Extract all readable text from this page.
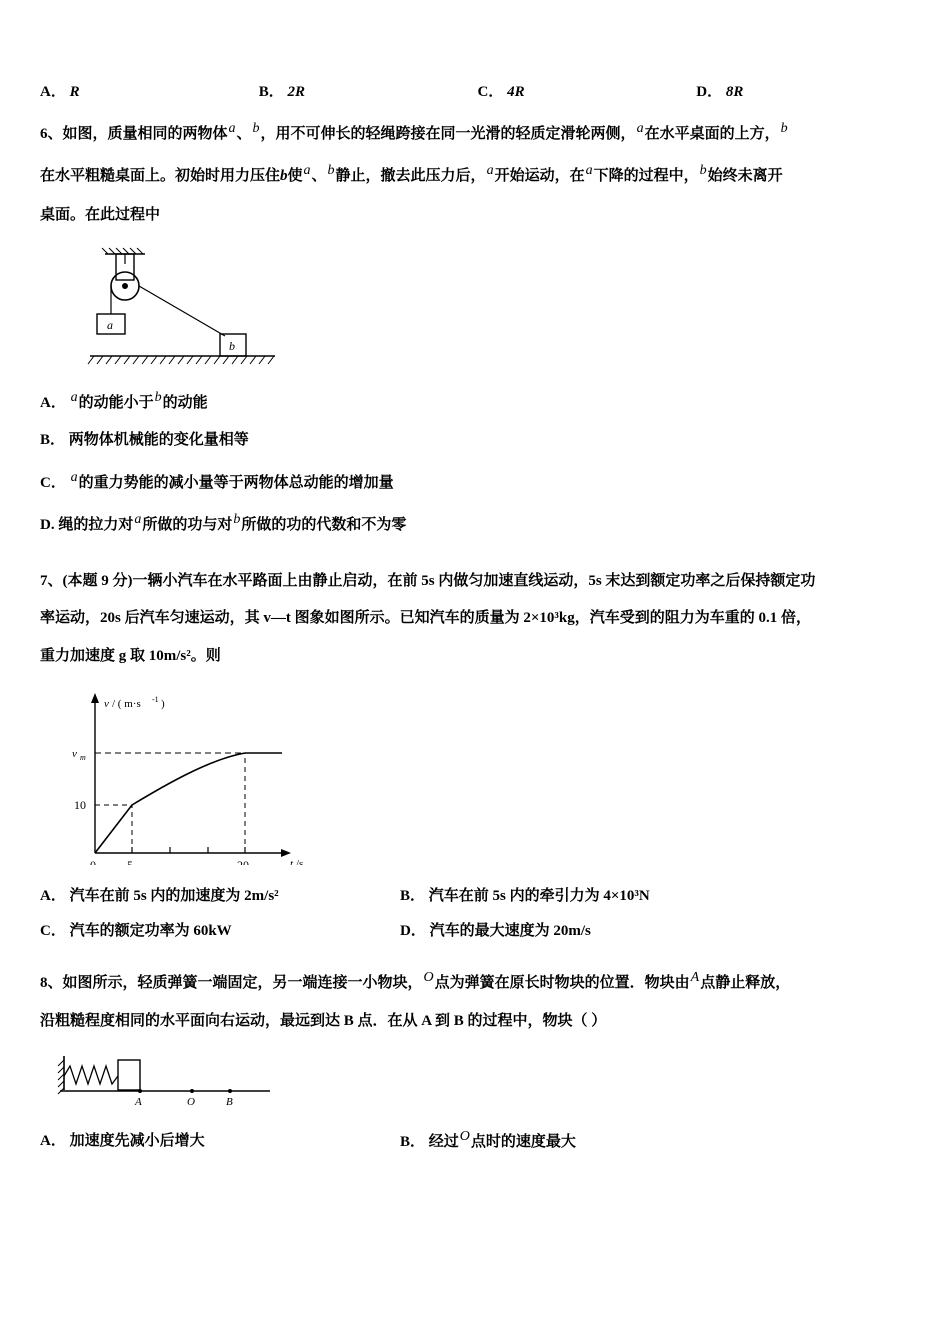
A． R	B． 2R	C． 4R	D． 8R

6、如图，质量相同的两物体$^a$、$^b$，用不可伸长的轻绳跨接在同一光滑的轻质定滑轮两侧，$^a$在水平桌面的上方，$^b$

在水平粗糙桌面上。初始时用力压住b使$^a$、$^b$静止，撤去此压力后，$^a$开始运动，在$^a$下降的过程中，$^b$始终未离开

桌面。在此过程中

a
b
A． $^a$的动能小于$^b$的动能
B． 两物体机械能的变化量相等
C． $^a$的重力势能的减小量等于两物体总动能的增加量
D. 绳的拉力对$^a$所做的功与对$^b$所做的功的代数和不为零

7、(本题 9 分)一辆小汽车在水平路面上由静止启动，在前 5s 内做匀加速直线运动，5s 末达到额定功率之后保持额定功

率运动，20s 后汽车匀速运动，其 v—t 图象如图所示。已知汽车的质量为 2×10³kg，汽车受到的阻力为车重的 0.1 倍，

重力加速度 g 取 10m/s²。则

v / ( m·s -1 )
t /s
v m
10
0	5	20
A． 汽车在前 5s 内的加速度为 2m/s²	B． 汽车在前 5s 内的牵引力为 4×10³N
C． 汽车的额定功率为 60kW	D． 汽车的最大速度为 20m/s

8、如图所示，轻质弹簧一端固定，另一端连接一小物块，$^O$点为弹簧在原长时物块的位置．物块由$^A$点静止释放，

沿粗糙程度相同的水平面向右运动，最远到达 B 点．在从 A 到 B 的过程中，物块（ ）

A	O	B
A． 加速度先减小后增大	B． 经过$^O$点时的速度最大
